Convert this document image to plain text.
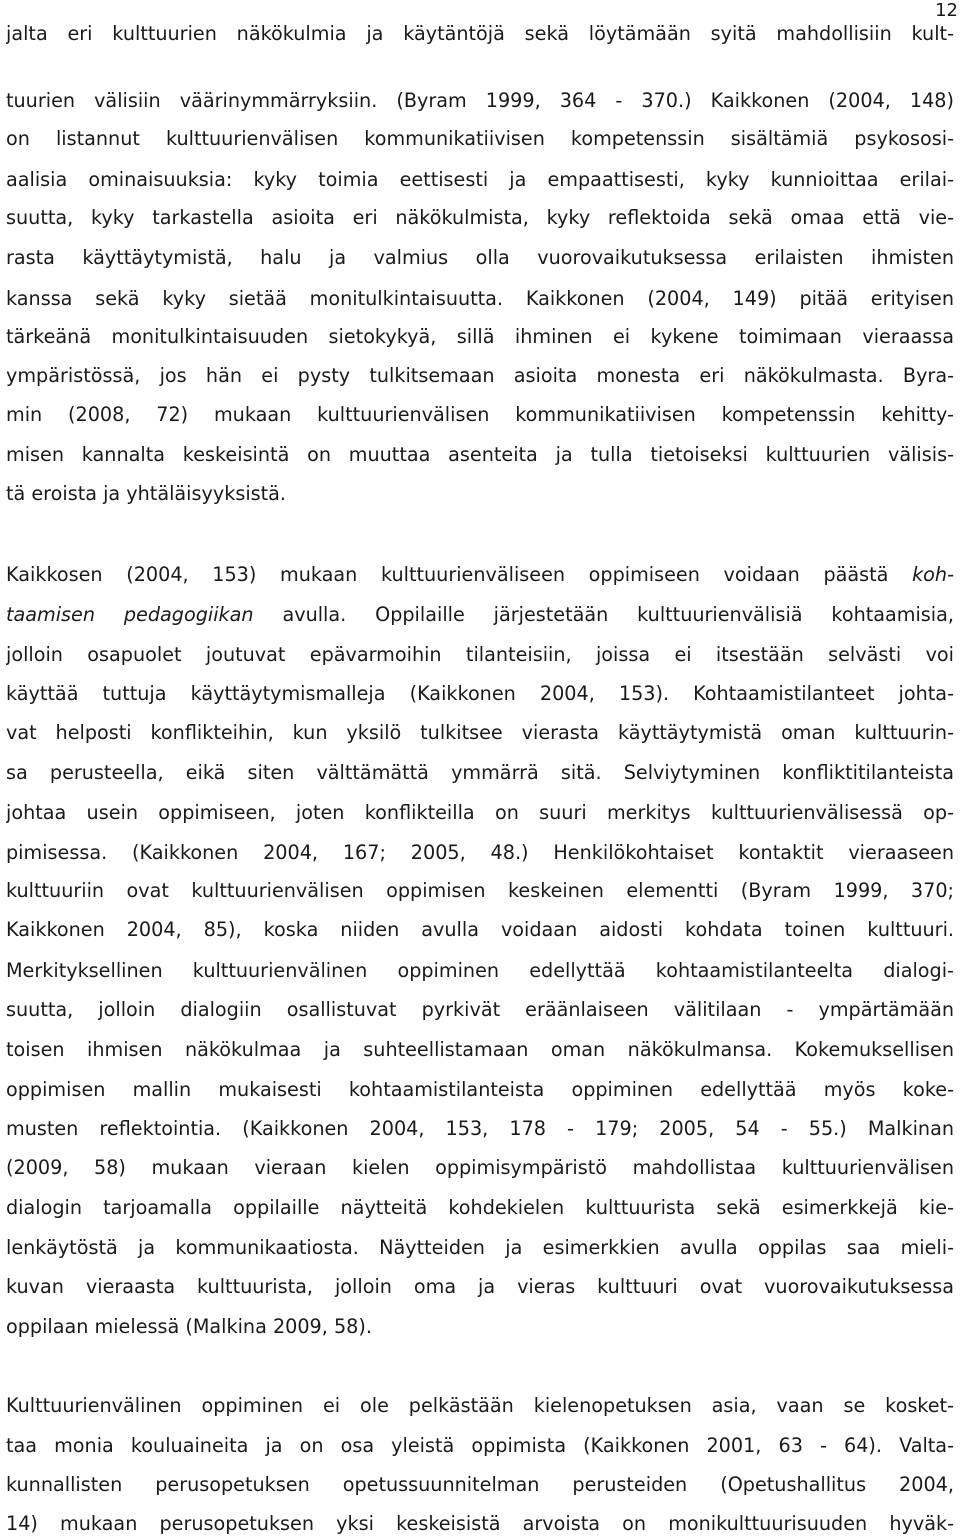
12
jalta eri kulttuurien näkökulmia ja käytäntöjä sekä löytämään syitä mahdollisiin kult-
tuurien välisiin väärinymmärryksiin. (Byram 1999, 364 - 370.) Kaikkonen (2004, 148)
on listannut kulttuurienvälisen kommunikatiivisen kompetenssin sisältämiä psykososi-
aalisia ominaisuuksia: kyky toimia eettisesti ja empaattisesti, kyky kunnioittaa erilai-
suutta, kyky tarkastella asioita eri näkökulmista, kyky reflektoida sekä omaa että vie-
rasta käyttäytymistä, halu ja valmius olla vuorovaikutuksessa erilaisten ihmisten
kanssa sekä kyky sietää monitulkintaisuutta. Kaikkonen (2004, 149) pitää erityisen
tärkeänä monitulkintaisuuden sietokykyä, sillä ihminen ei kykene toimimaan vieraassa
ympäristössä, jos hän ei pysty tulkitsemaan asioita monesta eri näkökulmasta. Byra-
min (2008, 72) mukaan kulttuurienvälisen kommunikatiivisen kompetenssin kehitty-
misen kannalta keskeisintä on muuttaa asenteita ja tulla tietoiseksi kulttuurien välisis-
tä eroista ja yhtäläisyyksistä.
Kaikkosen (2004, 153) mukaan kulttuurienväliseen oppimiseen voidaan päästä koh-
taamisen pedagogiikan avulla. Oppilaille järjestetään kulttuurienvälisiä kohtaamisia,
jolloin osapuolet joutuvat epävarmoihin tilanteisiin, joissa ei itsestään selvästi voi
käyttää tuttuja käyttäytymismalleja (Kaikkonen 2004, 153). Kohtaamistilanteet johta-
vat helposti konflikteihin, kun yksilö tulkitsee vierasta käyttäytymistä oman kulttuurin-
sa perusteella, eikä siten välttämättä ymmärrä sitä. Selviytyminen konfliktitilanteista
johtaa usein oppimiseen, joten konflikteilla on suuri merkitys kulttuurienvälisessä op-
pimisessa. (Kaikkonen 2004, 167; 2005, 48.) Henkilökohtaiset kontaktit vieraaseen
kulttuuriin ovat kulttuurienvälisen oppimisen keskeinen elementti (Byram 1999, 370;
Kaikkonen 2004, 85), koska niiden avulla voidaan aidosti kohdata toinen kulttuuri.
Merkityksellinen kulttuurienvälinen oppiminen edellyttää kohtaamistilanteelta dialogi-
suutta, jolloin dialogiin osallistuvat pyrkivät eräänlaiseen välitilaan - ympärtämään
toisen ihmisen näkökulmaa ja suhteellistamaan oman näkökulmansa. Kokemuksellisen
oppimisen mallin mukaisesti kohtaamistilanteista oppiminen edellyttää myös koke-
musten reflektointia. (Kaikkonen 2004, 153, 178 - 179; 2005, 54 - 55.) Malkinan
(2009, 58) mukaan vieraan kielen oppimisympäristö mahdollistaa kulttuurienvälisen
dialogin tarjoamalla oppilaille näytteitä kohdekielen kulttuurista sekä esimerkkejä kie-
lenkäytöstä ja kommunikaatiosta. Näytteiden ja esimerkkien avulla oppilas saa mieli-
kuvan vieraasta kulttuurista, jolloin oma ja vieras kulttuuri ovat vuorovaikutuksessa
oppilaan mielessä (Malkina 2009, 58).
Kulttuurienvälinen oppiminen ei ole pelkästään kielenopetuksen asia, vaan se kosket-
taa monia kouluaineita ja on osa yleistä oppimista (Kaikkonen 2001, 63 - 64). Valta-
kunnallisten perusopetuksen opetussuunnitelman perusteiden (Opetushallitus 2004,
14) mukaan perusopetuksen yksi keskeisistä arvoista on monikulttuurisuuden hyväk-
